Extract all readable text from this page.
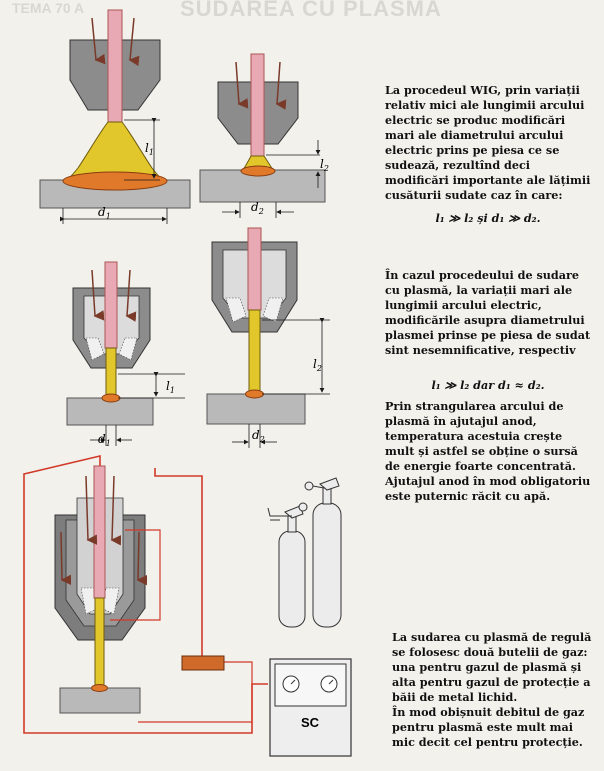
TEMA 70 A	SUDAREA CU PLASMA
$l_1$
$d_1$
$l_2$
$d_2$
$l_1$
$d_1$
$l_2$
$d_2$
SC

La procedeul WIG, prin variații relativ mici ale lungimii arcului electric se produc modificări mari ale diametrului arcului electric prins pe piesa ce se sudează, rezultînd deci modificări importante ale lățimii cusăturii sudate caz în care:

l₁ ≫ l₂ și d₁ ≫ d₂.

În cazul procedeului de sudare cu plasmă, la variații mari ale lungimii arcului electric, modificările asupra diametrului plasmei prinse pe piesa de sudat sint nesemnificative, respectiv

l₁ ≫ l₂ dar d₁ ≈ d₂.

Prin strangularea arcului de plasmă în ajutajul anod, temperatura acestuia crește mult și astfel se obține o sursă de energie foarte concentrată. Ajutajul anod în mod obligatoriu este puternic răcit cu apă.

La sudarea cu plasmă de regulă se folosesc două butelii de gaz: una pentru gazul de plasmă și alta pentru gazul de protecție a băii de metal lichid.

În mod obișnuit debitul de gaz pentru plasmă este mult mai mic decit cel pentru protecție.
